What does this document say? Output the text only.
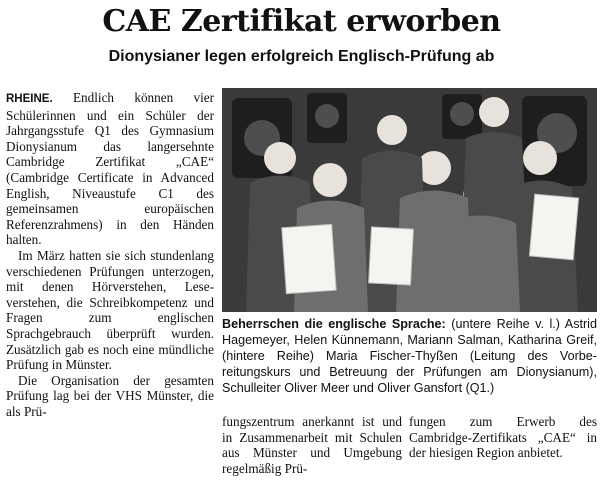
CAE Zertifikat erworben
Dionysianer legen erfolgreich Englisch-Prüfung ab

RHEINE. Endlich können vier Schülerinnen und ein Schüler der Jahrgangsstufe Q1 des Gymnasium Dionysianum das langersehnte Cambridge Zertifikat „CAE“ (Cambridge Certificate in Advanced English, Niveaustufe C1 des gemeinsamen europäischen Referenzrahmens) in den Händen halten.

Im März hatten sie sich stundenlang verschiedenen Prüfungen unterzogen, mit denen Hörverstehen, Leseverstehen, die Schreibkompetenz und Fragen zum englischen Sprachgebrauch überprüft wurden. Zusätzlich gab es noch eine mündliche Prüfung in Münster.

Die Organisation der gesamten Prüfung lag bei der VHS Münster, die als Prü-

Beherrschen die englische Sprache: (untere Reihe v. l.) Astrid Hagemeyer, Helen Künnemann, Mariann Salman, Katharina Greif, (hintere Reihe) Maria Fischer-Thyßen (Leitung des Vorbereitungskurs und Betreuung der Prüfungen am Dionysianum), Schulleiter Oliver Meer und Oliver Gansfort (Q1.)

fungszentrum anerkannt ist und in Zusammenarbeit mit Schulen aus Münster und Umgebung regelmäßig Prü-

fungen zum Erwerb des Cambridge-Zertifikats „CAE“ in der hiesigen Region anbietet.
